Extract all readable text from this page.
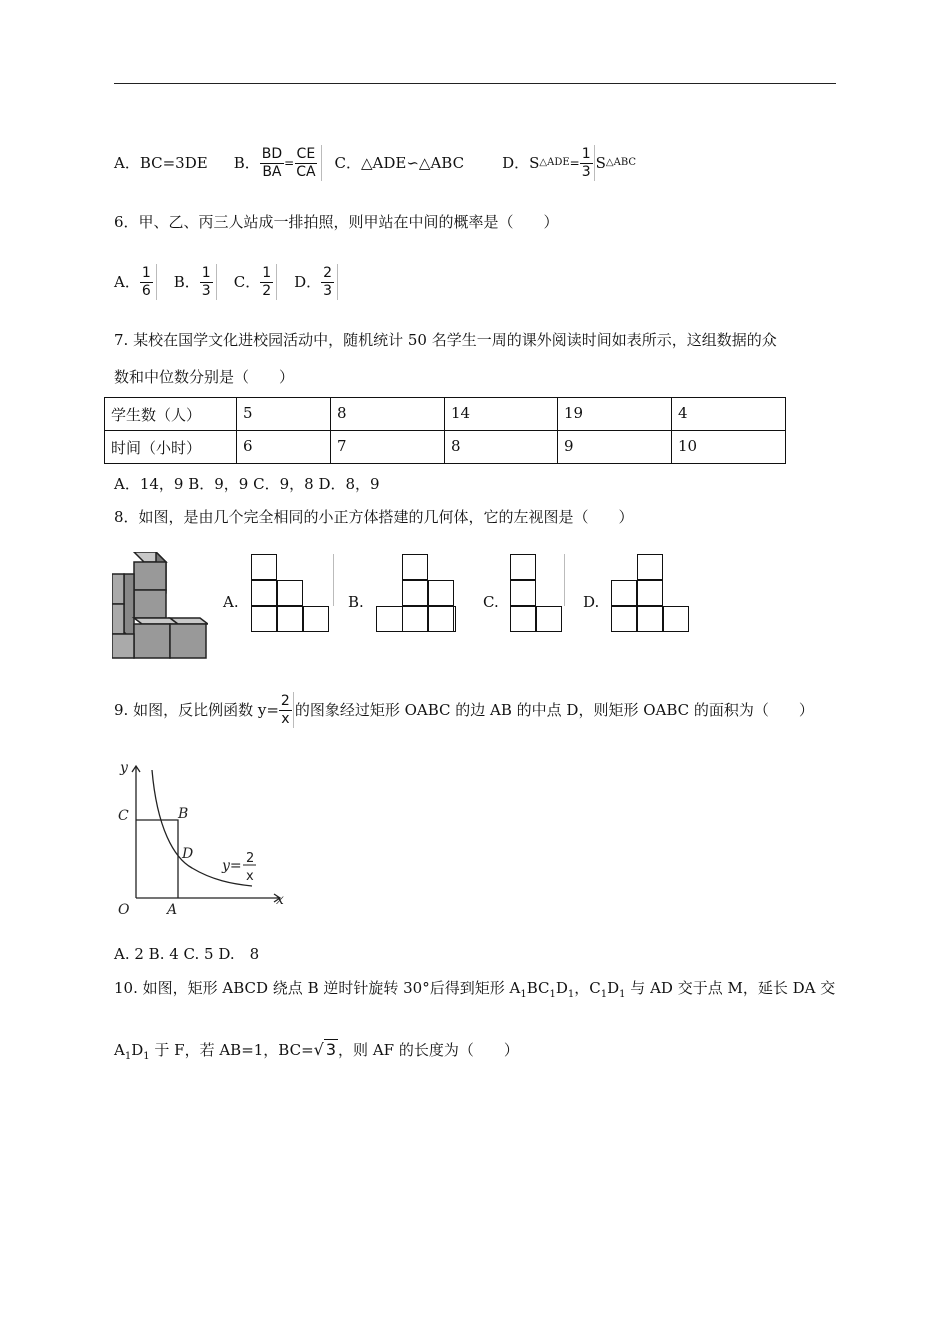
A．BC=3DE B． $\frac{BD}{BA} = \frac{CE}{CA}$ C．△ADE∽△ABC	D．S △ADE = $\frac{1}{3}$ S △ABC
6．甲、乙、丙三人站成一排拍照，则甲站在中间的概率是（　　）
A． $\frac{1}{6}$ B． $\frac{1}{3}$ C． $\frac{1}{2}$ D． $\frac{2}{3}$
7. 某校在国学文化进校园活动中，随机统计 50 名学生一周的课外阅读时间如表所示，这组数据的众
数和中位数分别是（　　）
学生数（人）	5	8	14	19	4
时间（小时）	6	7	8	9	10
A．14，9 B．9，9 C．9，8 D．8，9
8．如图，是由几个完全相同的小正方体搭建的几何体，它的左视图是（　　）
A.	B.	C.	D.
9. 如图，反比例函数 $y= \frac{2}{x}$ 的图象经过矩形 OABC 的边 AB 的中点 D，则矩形 OABC 的面积为（　　）
y
x
O	A
B
C
D
y= 2
x
A. 2 B. 4 C. 5 D.　8
10. 如图，矩形 ABCD 绕点 B 逆时针旋转 30°后得到矩形 $A_1BC_1D_1$，$C_1D_1$ 与 AD 交于点 M，延长 DA 交
$A_1D_1$ 于 F，若 AB=1，BC=√ 3 ，则 AF 的长度为（　　）
